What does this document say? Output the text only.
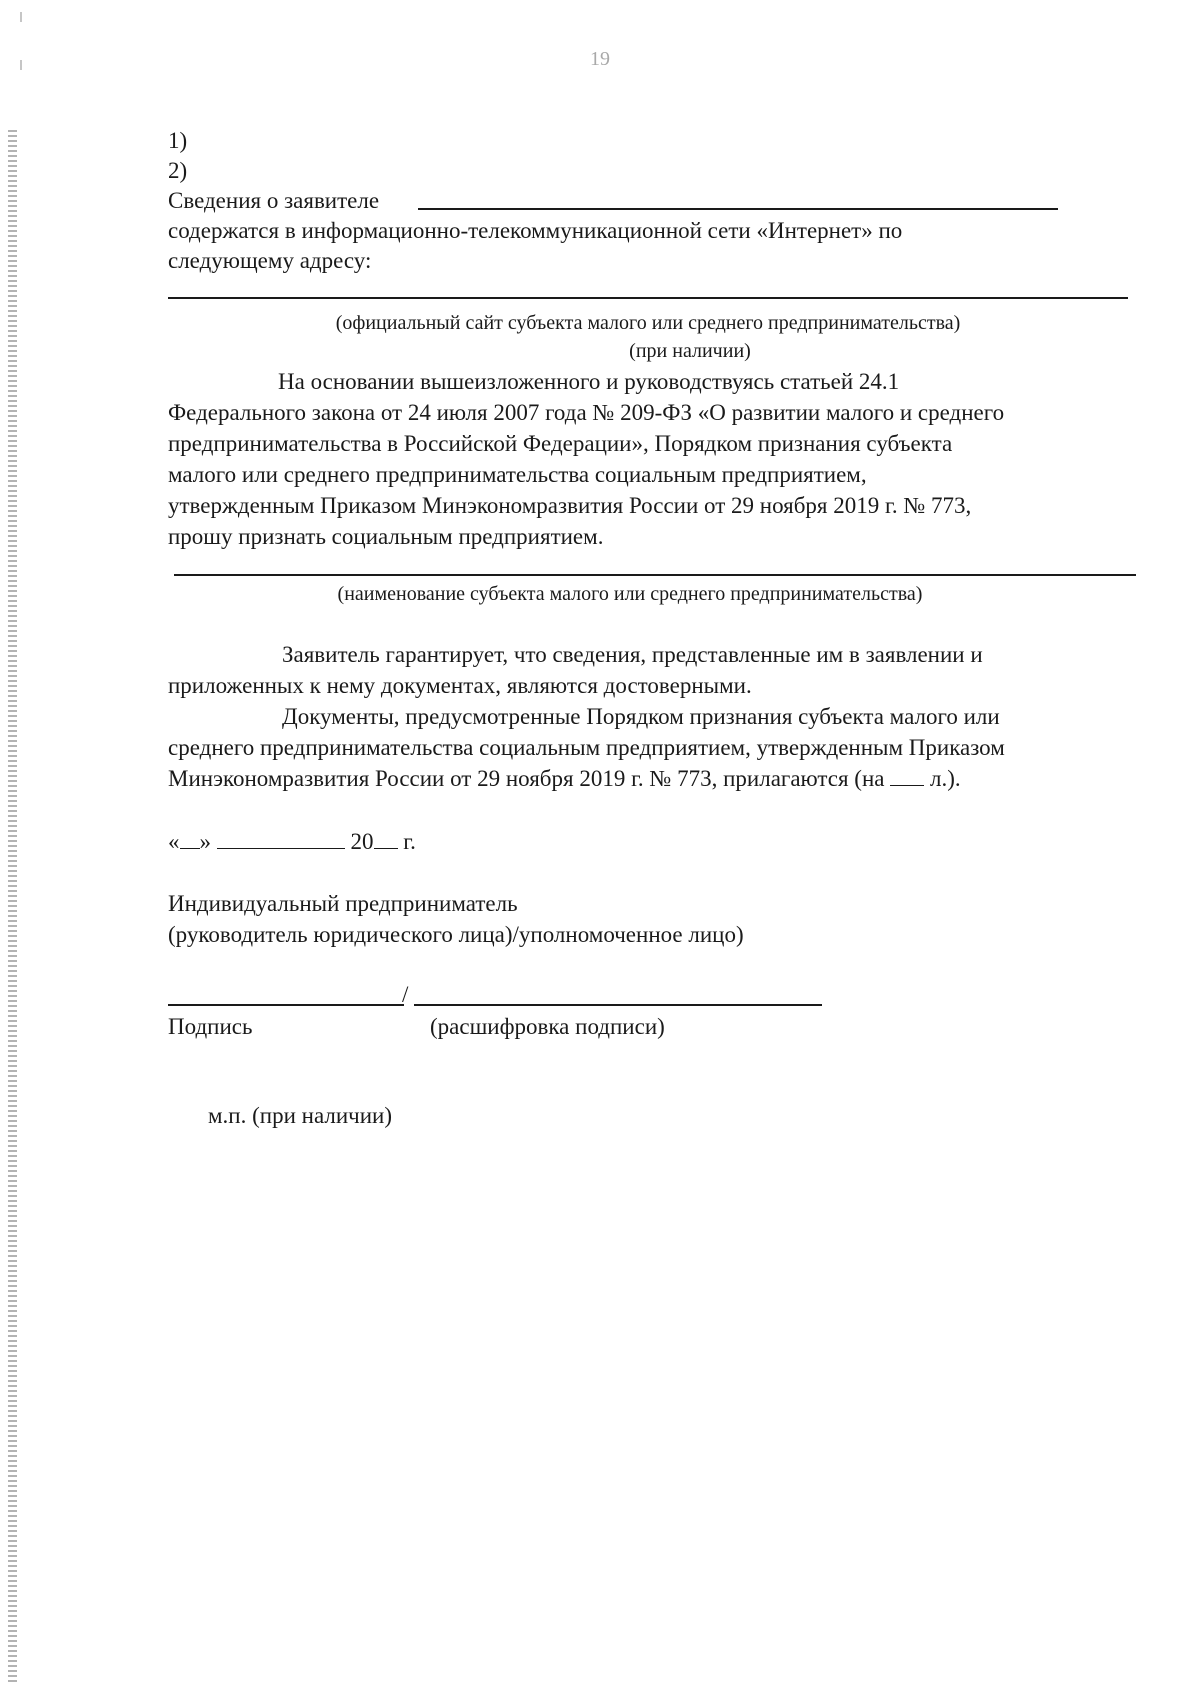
19
1)
2)
Сведения о заявителе
содержатся в информационно-телекоммуникационной сети «Интернет» по
следующему адресу:
(официальный сайт субъекта малого или среднего предпринимательства)
(при наличии)
На основании вышеизложенного и руководствуясь статьей 24.1
Федерального закона от 24 июля 2007 года № 209-ФЗ «О развитии малого и среднего
предпринимательства в Российской Федерации», Порядком признания субъекта
малого или среднего предпринимательства социальным предприятием,
утвержденным Приказом Минэкономразвития России от 29 ноября 2019 г. № 773,
прошу признать социальным предприятием.
(наименование субъекта малого или среднего предпринимательства)
Заявитель гарантирует, что сведения, представленные им в заявлении и
приложенных к нему документах, являются достоверными.
Документы, предусмотренные Порядком признания субъекта малого или
среднего предпринимательства социальным предприятием, утвержденным Приказом
Минэкономразвития России от 29 ноября 2019 г. № 773, прилагаются (на л.).
« »	20 г.
Индивидуальный предприниматель
(руководитель юридического лица)/уполномоченное лицо)
/
Подпись	(расшифровка подписи)
м.п. (при наличии)
